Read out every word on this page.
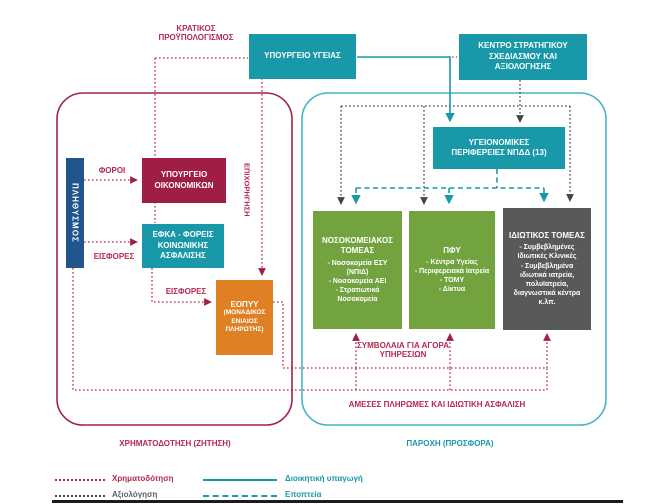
ΥΠΟΥΡΓΕΙΟ ΥΓΕΙΑΣ
ΚΕΝΤΡΟ ΣΤΡΑΤΗΓΙΚΟΥ ΣΧΕΔΙΑΣΜΟΥ ΚΑΙ ΑΞΙΟΛΟΓΗΣΗΣ
ΥΓΕΙΟΝΟΜΙΚΕΣ ΠΕΡΙΦΕΡΕΙΕΣ ΝΠΔΔ (13)
ΠΛΗΘΥΣΜΟΣ
ΥΠΟΥΡΓΕΙΟ ΟΙΚΟΝΟΜΙΚΩΝ
ΕΦΚΑ - ΦΟΡΕΙΣ ΚΟΙΝΩΝΙΚΗΣ ΑΣΦΑΛΙΣΗΣ
ΕΟΠΥΥ
(ΜΟΝΑΔΙΚΟΣ ΕΝΙΑΙΟΣ ΠΛΗΡΩΤΗΣ)
ΝΟΣΟΚΟΜΕΙΑΚΟΣ ΤΟΜΕΑΣ
- Νοσοκομεία ΕΣΥ (ΝΠΙΔ)
- Νοσοκομεία ΑΕΙ
- Στρατιωτικά Νοσοκομεία
ΠΦΥ
- Κέντρα Υγείας
- Περιφερειακά Ιατρεία
- ΤΟΜΥ
- Δίκτυα
ΙΔΙΩΤΙΚΟΣ ΤΟΜΕΑΣ
- Συμβεβλημένες Ιδιωτικές Κλινικές
- Συμβεβλημένα ιδιωτικά ιατρεία, πολυϊατρεία, διαγνωστικά κέντρα κ.λπ.
ΚΡΑΤΙΚΟΣ ΠΡΟΫΠΟΛΟΓΙΣΜΟΣ
ΦΟΡΟΙ
ΕΙΣΦΟΡΕΣ
ΕΙΣΦΟΡΕΣ
ΕΠΙΧΟΡΗΓΗΣΗ
ΣΥΜΒΟΛΑΙΑ ΓΙΑ ΑΓΟΡΑ ΥΠΗΡΕΣΙΩΝ
ΑΜΕΣΕΣ ΠΛΗΡΩΜΕΣ ΚΑΙ ΙΔΙΩΤΙΚΗ ΑΣΦΑΛΙΣΗ
ΧΡΗΜΑΤΟΔΟΤΗΣΗ (ΖΗΤΗΣΗ)	ΠΑΡΟΧΗ (ΠΡΟΣΦΟΡΑ)
Χρηματοδότηση
Αξιολόγηση
Διοικητική υπαγωγή
Εποπτεία
